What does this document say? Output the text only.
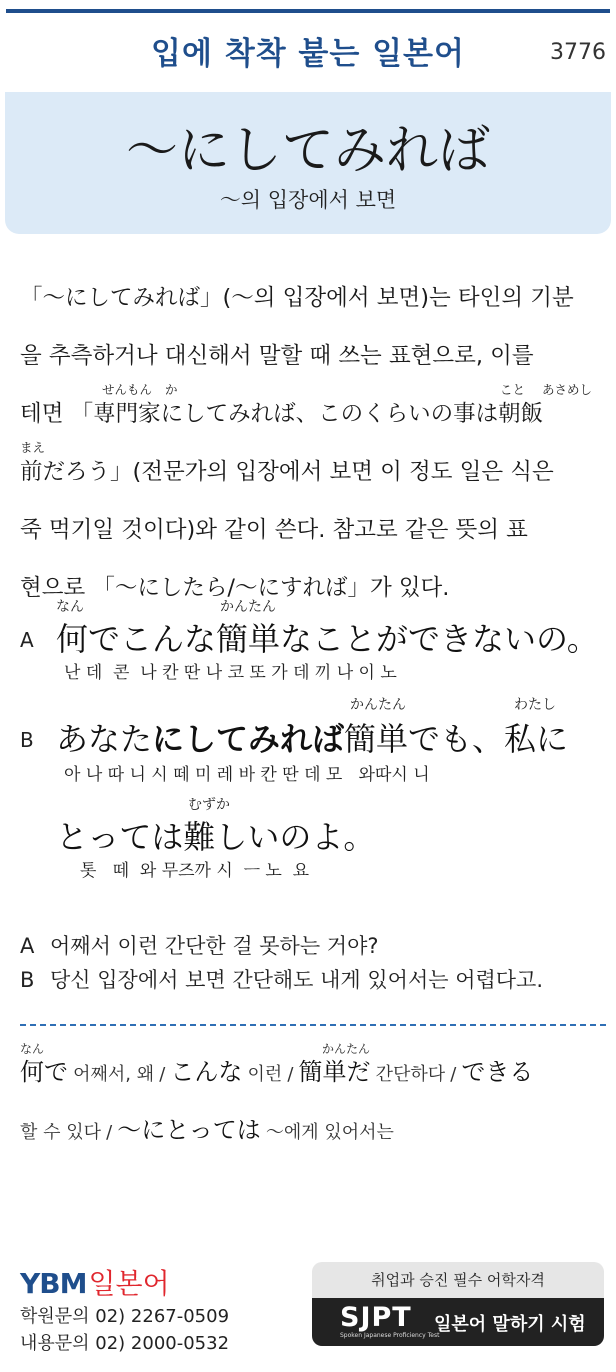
입에 착착 붙는 일본어	3776
～にしてみれば
～의 입장에서 보면
「～にしてみれば」(～의 입장에서 보면)는 타인의 기분
을 추측하거나 대신해서 말할 때 쓰는 표현으로, 이를
せんもん か	こと あさめし
테면 「専門家にしてみれば、このくらいの事は朝飯
まえ
前だろう」(전문가의 입장에서 보면 이 정도 일은 식은
죽 먹기일 것이다)와 같이 쓴다. 참고로 같은 뜻의 표
현으로 「～にしたら/～にすれば」가 있다.
なん	かんたん
A 何でこんな簡単なことができないの。
난 데  콘  나 칸 딴 나 코 또 가 데 끼 나 이 노
かんたん	わたし
B あなたにしてみれば簡単でも、私に
아 나 따 니 시 떼 미 레 바 칸 딴 데 모   와따시 니
むずか
とっては難しいのよ。
톳   떼  와 무즈까 시  ㅡ 노  요
A 어째서 이런 간단한 걸 못하는 거야?
B 당신 입장에서 보면 간단해도 내게 있어서는 어렵다고.
なん	かんたん
何で 어째서, 왜 / こんな 이런 / 簡単だ 간단하다 / できる
할 수 있다 / ～にとっては ～에게 있어서는
YBM일본어
학원문의 02) 2267-0509
내용문의 02) 2000-0532
취업과 승진 필수 어학자격
SJPT
Spoken Japanese Proficiency Test
일본어 말하기 시험
